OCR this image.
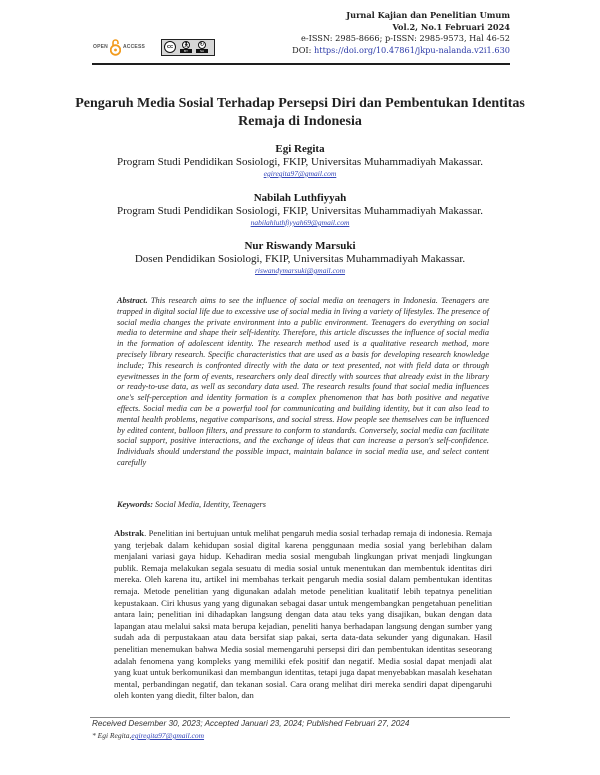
OPEN	ACCESS	cc	🚶︎
BY
↻
SA
Jurnal Kajian dan Penelitian Umum
Vol.2, No.1 Februari 2024
e-ISSN: 2985-8666; p-ISSN: 2985-9573, Hal 46-52
DOI: https://doi.org/10.47861/jkpu-nalanda.v2i1.630
Pengaruh Media Sosial Terhadap Persepsi Diri dan Pembentukan Identitas Remaja di Indonesia
Egi Regita
Program Studi Pendidikan Sosiologi, FKIP, Universitas Muhammadiyah Makassar.
egiregita97@gmail.com
Nabilah Luthfiyyah
Program Studi Pendidikan Sosiologi, FKIP, Universitas Muhammadiyah Makassar.
nabilahluthfiyyah69@gmail.com
Nur Riswandy Marsuki
Dosen Pendidikan Sosiologi, FKIP, Universitas Muhammadiyah Makassar.
riswandymarsuki@gmail.com
Abstract. This research aims to see the influence of social media on teenagers in Indonesia. Teenagers are trapped in digital social life due to excessive use of social media in living a variety of lifestyles. The presence of social media changes the private environment into a public environment. Teenagers do everything on social media to determine and shape their self-identity. Therefore, this article discusses the influence of social media in the formation of adolescent identity. The research method used is a qualitative research method, more precisely library research. Specific characteristics that are used as a basis for developing research knowledge include; This research is confronted directly with the data or text presented, not with field data or through eyewitnesses in the form of events, researchers only deal directly with sources that already exist in the library or ready-to-use data, as well as secondary data used. The research results found that social media influences one's self-perception and identity formation is a complex phenomenon that has both positive and negative effects. Social media can be a powerful tool for communicating and building identity, but it can also lead to mental health problems, negative comparisons, and social stress. How people see themselves can be influenced by edited content, balloon filters, and pressure to conform to standards. Conversely, social media can facilitate social support, positive interactions, and the exchange of ideas that can increase a person's self-confidence. Individuals should understand the possible impact, maintain balance in social media use, and select content carefully
Keywords: Social Media, Identity, Teenagers
Abstrak. Penelitian ini bertujuan untuk melihat pengaruh media sosial terhadap remaja di indonesia. Remaja yang terjebak dalam kehidupan sosial digital karena penggunaan media sosial yang berlebihan dalam menjalani variasi gaya hidup. Kehadiran media sosial mengubah lingkungan privat menjadi lingkungan publik. Remaja melakukan segala sesuatu di media sosial untuk menentukan dan membentuk identitas diri mereka. Oleh karena itu, artikel ini membahas terkait pengaruh media sosial dalam pembentukan identitas remaja. Metode penelitian yang digunakan adalah metode penelitian kualitatif lebih tepatnya penelitian kepustakaan. Ciri khusus yang yang digunakan sebagai dasar untuk mengembangkan pengetahuan penelitian antara lain; penelitian ini dihadapkan langsung dengan data atau teks yang disajikan, bukan dengan data lapangan atau melalui saksi mata berupa kejadian, peneliti hanya berhadapan langsung dengan sumber yang sudah ada di perpustakaan atau data bersifat siap pakai, serta data-data sekunder yang digunakan. Hasil penelitian menemukan bahwa Media sosial memengaruhi persepsi diri dan pembentukan identitas seseorang adalah fenomena yang kompleks yang memiliki efek positif dan negatif. Media sosial dapat menjadi alat yang kuat untuk berkomunikasi dan membangun identitas, tetapi juga dapat menyebabkan masalah kesehatan mental, perbandingan negatif, dan tekanan sosial. Cara orang melihat diri mereka sendiri dapat dipengaruhi oleh konten yang diedit, filter balon, dan
Received Desember 30, 2023; Accepted Januari 23, 2024; Published Februari 27, 2024
* Egi Regita,egiregita97@gmail.com
